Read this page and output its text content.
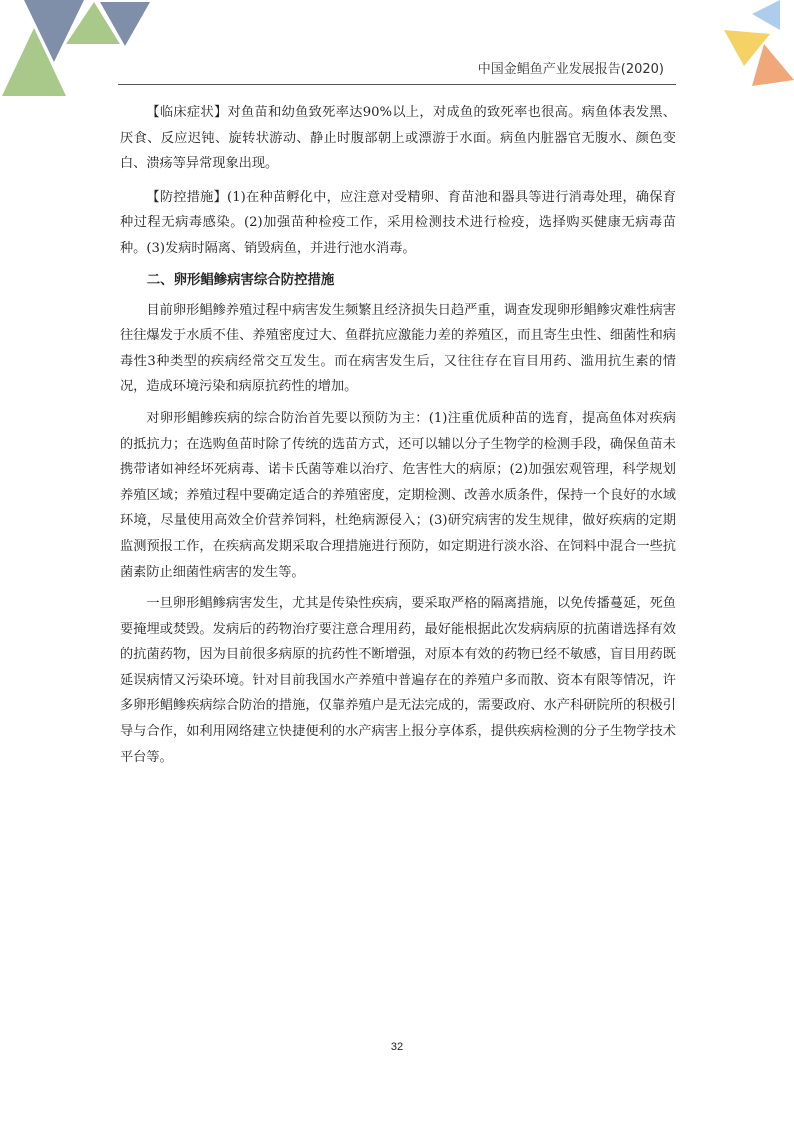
中国金鲳鱼产业发展报告(2020)

【临床症状】对鱼苗和幼鱼致死率达90%以上，对成鱼的致死率也很高。病鱼体表发黑、厌食、反应迟钝、旋转状游动、静止时腹部朝上或漂游于水面。病鱼内脏器官无腹水、颜色变白、溃疡等异常现象出现。

【防控措施】(1)在种苗孵化中，应注意对受精卵、育苗池和器具等进行消毒处理，确保育种过程无病毒感染。(2)加强苗种检疫工作，采用检测技术进行检疫，选择购买健康无病毒苗种。(3)发病时隔离、销毁病鱼，并进行池水消毒。

二、卵形鲳鲹病害综合防控措施

目前卵形鲳鲹养殖过程中病害发生频繁且经济损失日趋严重，调查发现卵形鲳鲹灾难性病害往往爆发于水质不佳、养殖密度过大、鱼群抗应激能力差的养殖区，而且寄生虫性、细菌性和病毒性3种类型的疾病经常交互发生。而在病害发生后，又往往存在盲目用药、滥用抗生素的情况，造成环境污染和病原抗药性的增加。

对卵形鲳鲹疾病的综合防治首先要以预防为主：(1)注重优质种苗的选育，提高鱼体对疾病的抵抗力；在选购鱼苗时除了传统的选苗方式，还可以辅以分子生物学的检测手段，确保鱼苗未携带诸如神经坏死病毒、诺卡氏菌等难以治疗、危害性大的病原；(2)加强宏观管理，科学规划养殖区域；养殖过程中要确定适合的养殖密度，定期检测、改善水质条件，保持一个良好的水域环境，尽量使用高效全价营养饲料，杜绝病源侵入；(3)研究病害的发生规律，做好疾病的定期监测预报工作，在疾病高发期采取合理措施进行预防，如定期进行淡水浴、在饲料中混合一些抗菌素防止细菌性病害的发生等。

一旦卵形鲳鲹病害发生，尤其是传染性疾病，要采取严格的隔离措施，以免传播蔓延，死鱼要掩埋或焚毁。发病后的药物治疗要注意合理用药，最好能根据此次发病病原的抗菌谱选择有效的抗菌药物，因为目前很多病原的抗药性不断增强，对原本有效的药物已经不敏感，盲目用药既延误病情又污染环境。针对目前我国水产养殖中普遍存在的养殖户多而散、资本有限等情况，许多卵形鲳鲹疾病综合防治的措施，仅靠养殖户是无法完成的，需要政府、水产科研院所的积极引导与合作，如利用网络建立快捷便利的水产病害上报分享体系，提供疾病检测的分子生物学技术平台等。

32
